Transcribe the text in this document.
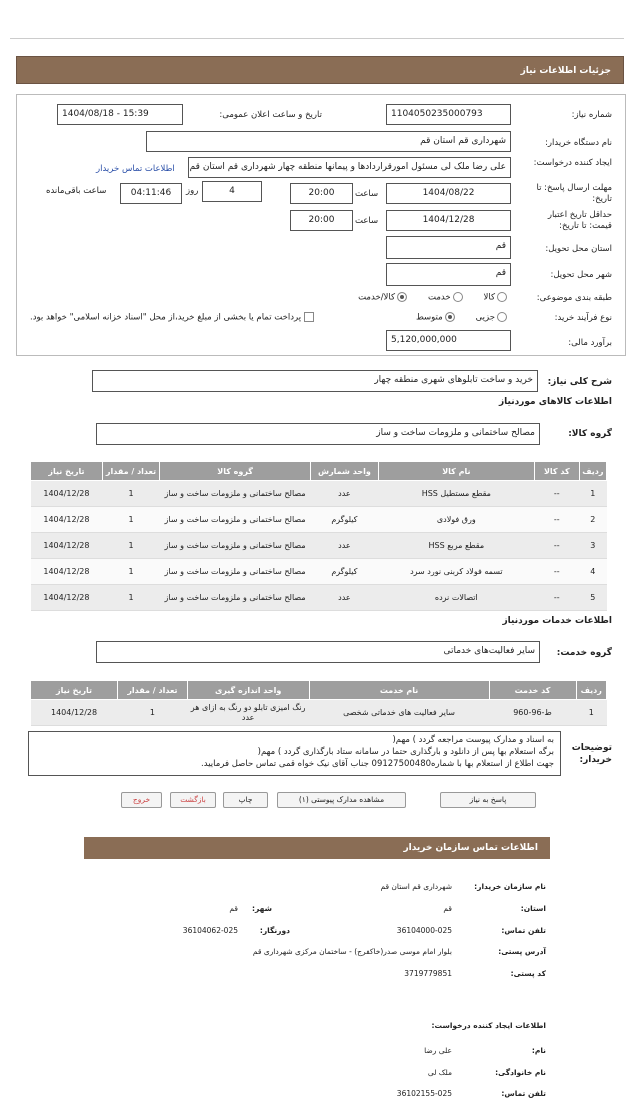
جزئیات اطلاعات نیاز
شماره نیاز:
1104050235000793
تاریخ و ساعت اعلان عمومی:
1404/08/18 - 15:39
نام دستگاه خریدار:
شهرداری قم استان قم
ایجاد کننده درخواست:
علی رضا ملک لی مسئول امورقراردادها و پیمانها منطقه چهار شهرداری قم استان قم
اطلاعات تماس خریدار
مهلت ارسال پاسخ: تا تاریخ:
1404/08/22
ساعت
20:00
4
روز
04:11:46
ساعت باقی‌مانده
حداقل تاریخ اعتبار قیمت: تا تاریخ:
1404/12/28
ساعت
20:00
استان محل تحویل:
قم
شهر محل تحویل:
قم
طبقه بندی موضوعی:
کالا       خدمت       کالا/خدمت
نوع فرآیند خرید:
جزیی       متوسط
پرداخت تمام یا بخشی از مبلغ خرید،از محل "اسناد خزانه اسلامی" خواهد بود.
برآورد مالی:
5,120,000,000
شرح کلی نیاز:
خرید و ساخت تابلوهای شهری منطقه چهار
اطلاعات کالاهای موردنیاز
گروه کالا:
مصالح ساختمانی و ملزومات ساخت و ساز
ردیف	کد کالا	نام کالا	واحد شمارش	گروه کالا	تعداد / مقدار	تاریخ نیاز
1	--	مقطع مستطیل HSS	عدد	مصالح ساختمانی و ملزومات ساخت و ساز	1	1404/12/28
2	--	ورق فولادی	کیلوگرم	مصالح ساختمانی و ملزومات ساخت و ساز	1	1404/12/28
3	--	مقطع مربع HSS	عدد	مصالح ساختمانی و ملزومات ساخت و ساز	1	1404/12/28
4	--	تسمه فولاد کربنی نورد سرد	کیلوگرم	مصالح ساختمانی و ملزومات ساخت و ساز	1	1404/12/28
5	--	اتصالات نرده	عدد	مصالح ساختمانی و ملزومات ساخت و ساز	1	1404/12/28
اطلاعات خدمات موردنیاز
گروه خدمت:
سایر فعالیت‌های خدماتی
ردیف	کد خدمت	نام خدمت	واحد اندازه گیری	تعداد / مقدار	تاریخ نیاز
1	ط-96-960	سایر فعالیت های خدماتی شخصی	رنگ امیزی تابلو دو رنگ به ازای هر عدد	1	1404/12/28
توضیحات خریدار:
به اسناد و مدارک پیوست مراجعه گردد ) مهم(
برگه استعلام بها پس از دانلود و بارگذاری حتما در سامانه ستاد بارگذاری گردد ) مهم(
جهت اطلاع از استعلام بها با شماره09127500480 جناب آقای نیک خواه قمی تماس حاصل فرمایید.
پاسخ به نیاز
مشاهده مدارک پیوستی (۱)
چاپ
بازگشت
خروج
اطلاعات تماس سازمان خریدار
نام سازمان خریدار:
شهرداری قم استان قم
استان:
قم
شهر:
قم
تلفن تماس:
36104000-025
دورنگار:
36104062-025
آدرس پستی:
بلوار امام موسی صدر(خاکفرج) - ساختمان مرکزی شهرداری قم
کد پستی:
3719779851
اطلاعات ایجاد کننده درخواست:
نام:
علی رضا
نام خانوادگی:
ملک لی
تلفن تماس:
36102155-025
